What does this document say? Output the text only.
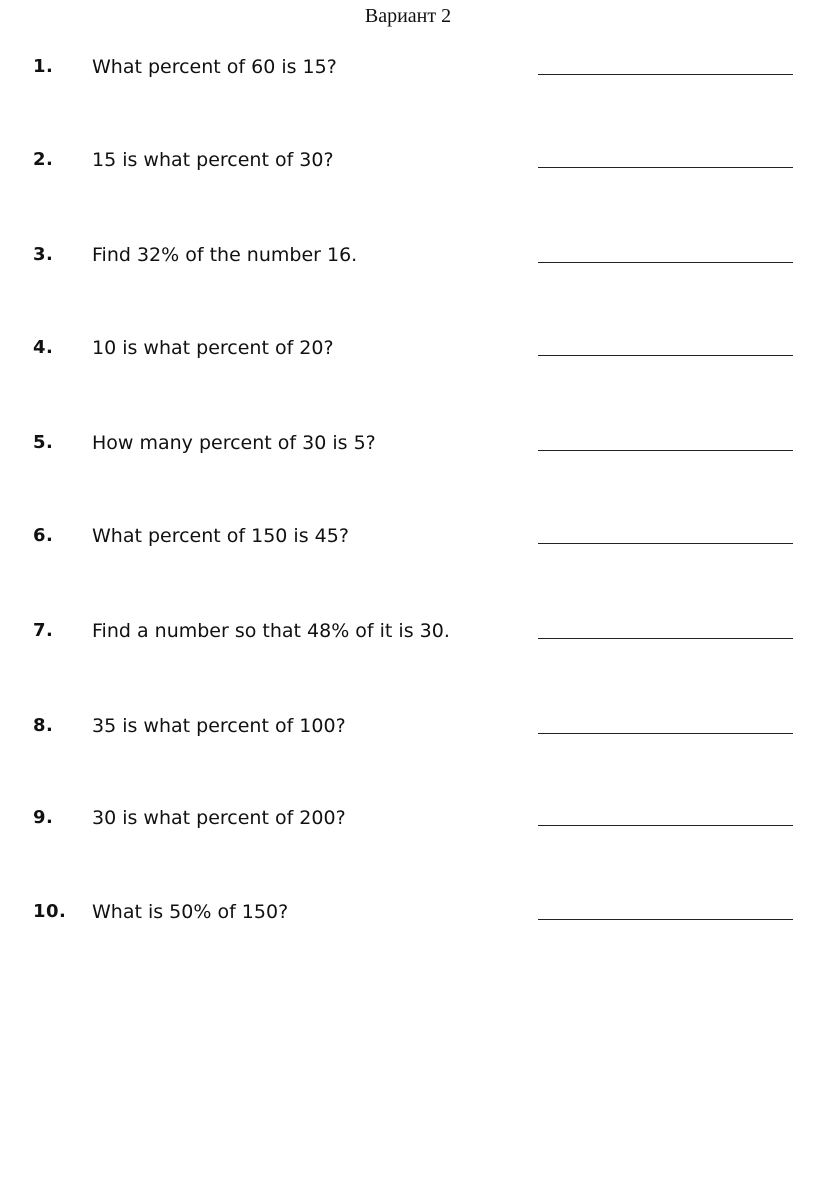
Вариант 2
1. What percent of 60 is 15?
2. 15 is what percent of 30?
3. Find 32% of the number 16.
4. 10 is what percent of 20?
5. How many percent of 30 is 5?
6. What percent of 150 is 45?
7. Find a number so that 48% of it is 30.
8. 35 is what percent of 100?
9. 30 is what percent of 200?
10. What is 50% of 150?
